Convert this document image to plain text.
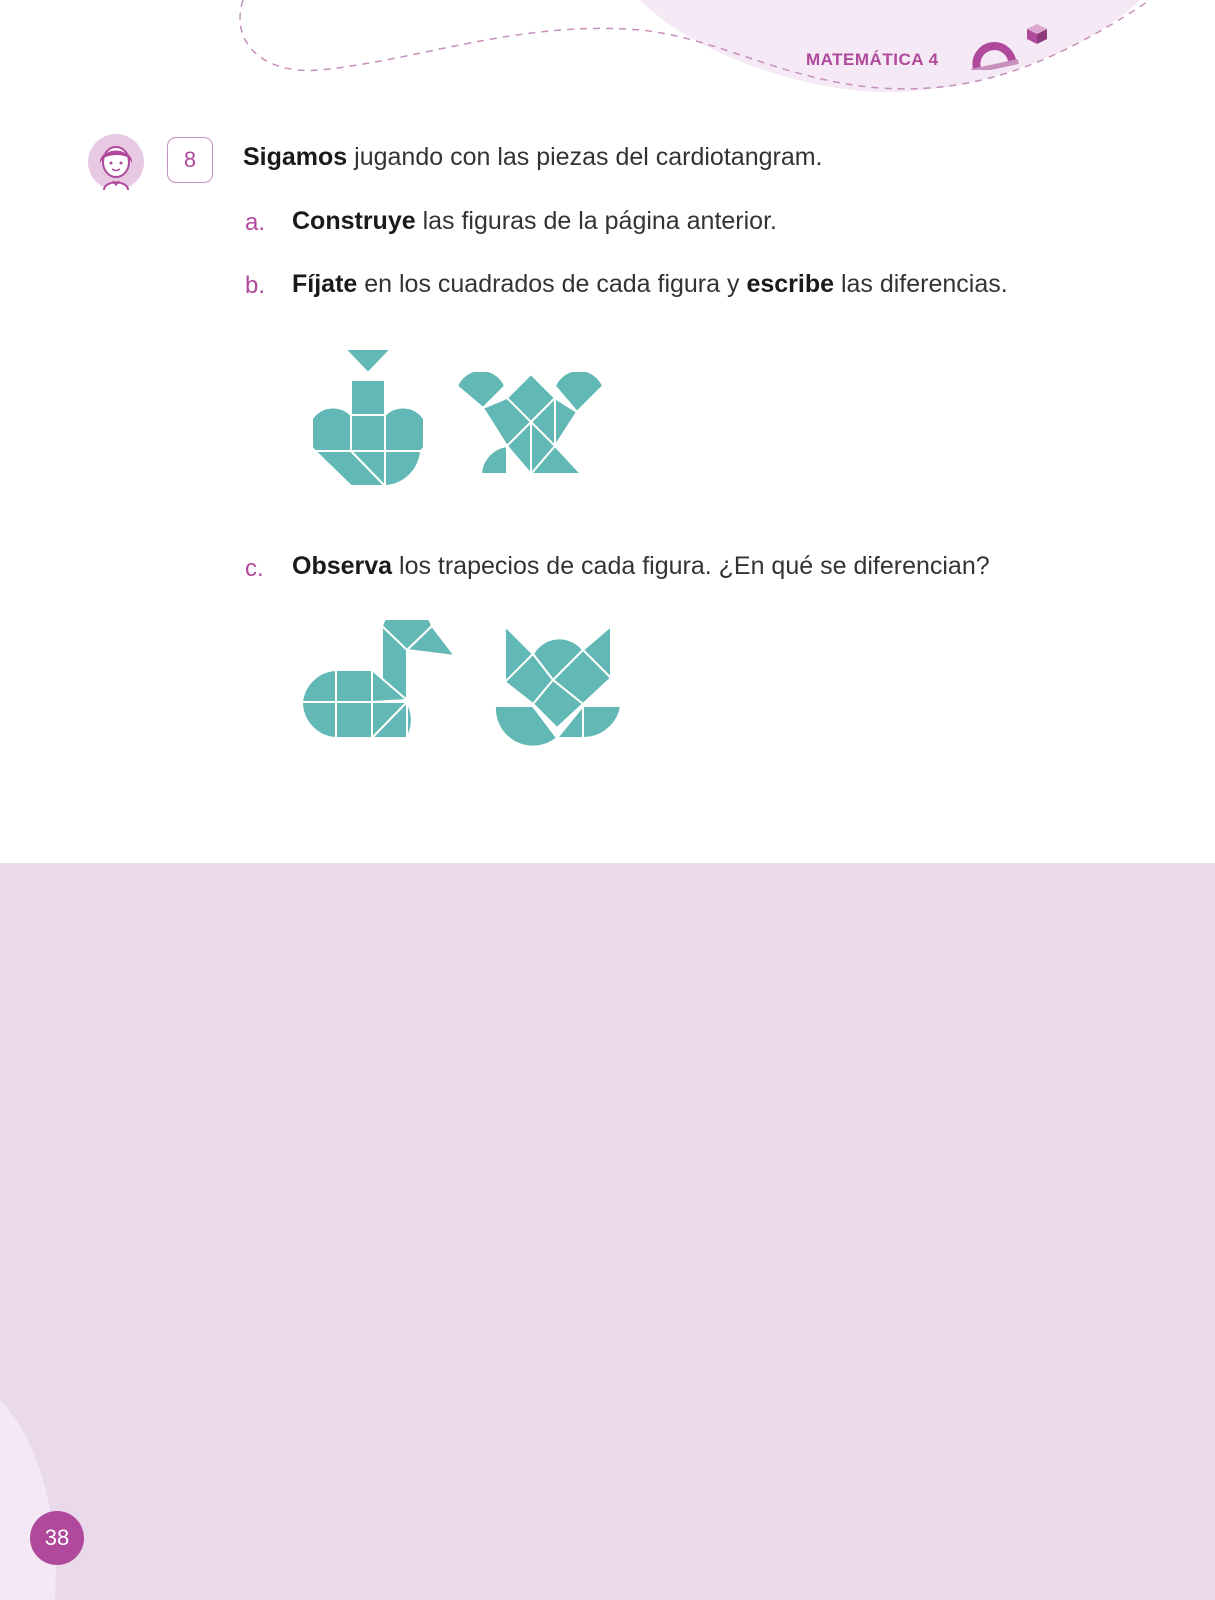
MATEMÁTICA 4
8	Sigamos jugando con las piezas del cardiotangram.
a. Construye las figuras de la página anterior.
b. Fíjate en los cuadrados de cada figura y escribe las diferencias.
c. Observa los trapecios de cada figura. ¿En qué se diferencian?
38
